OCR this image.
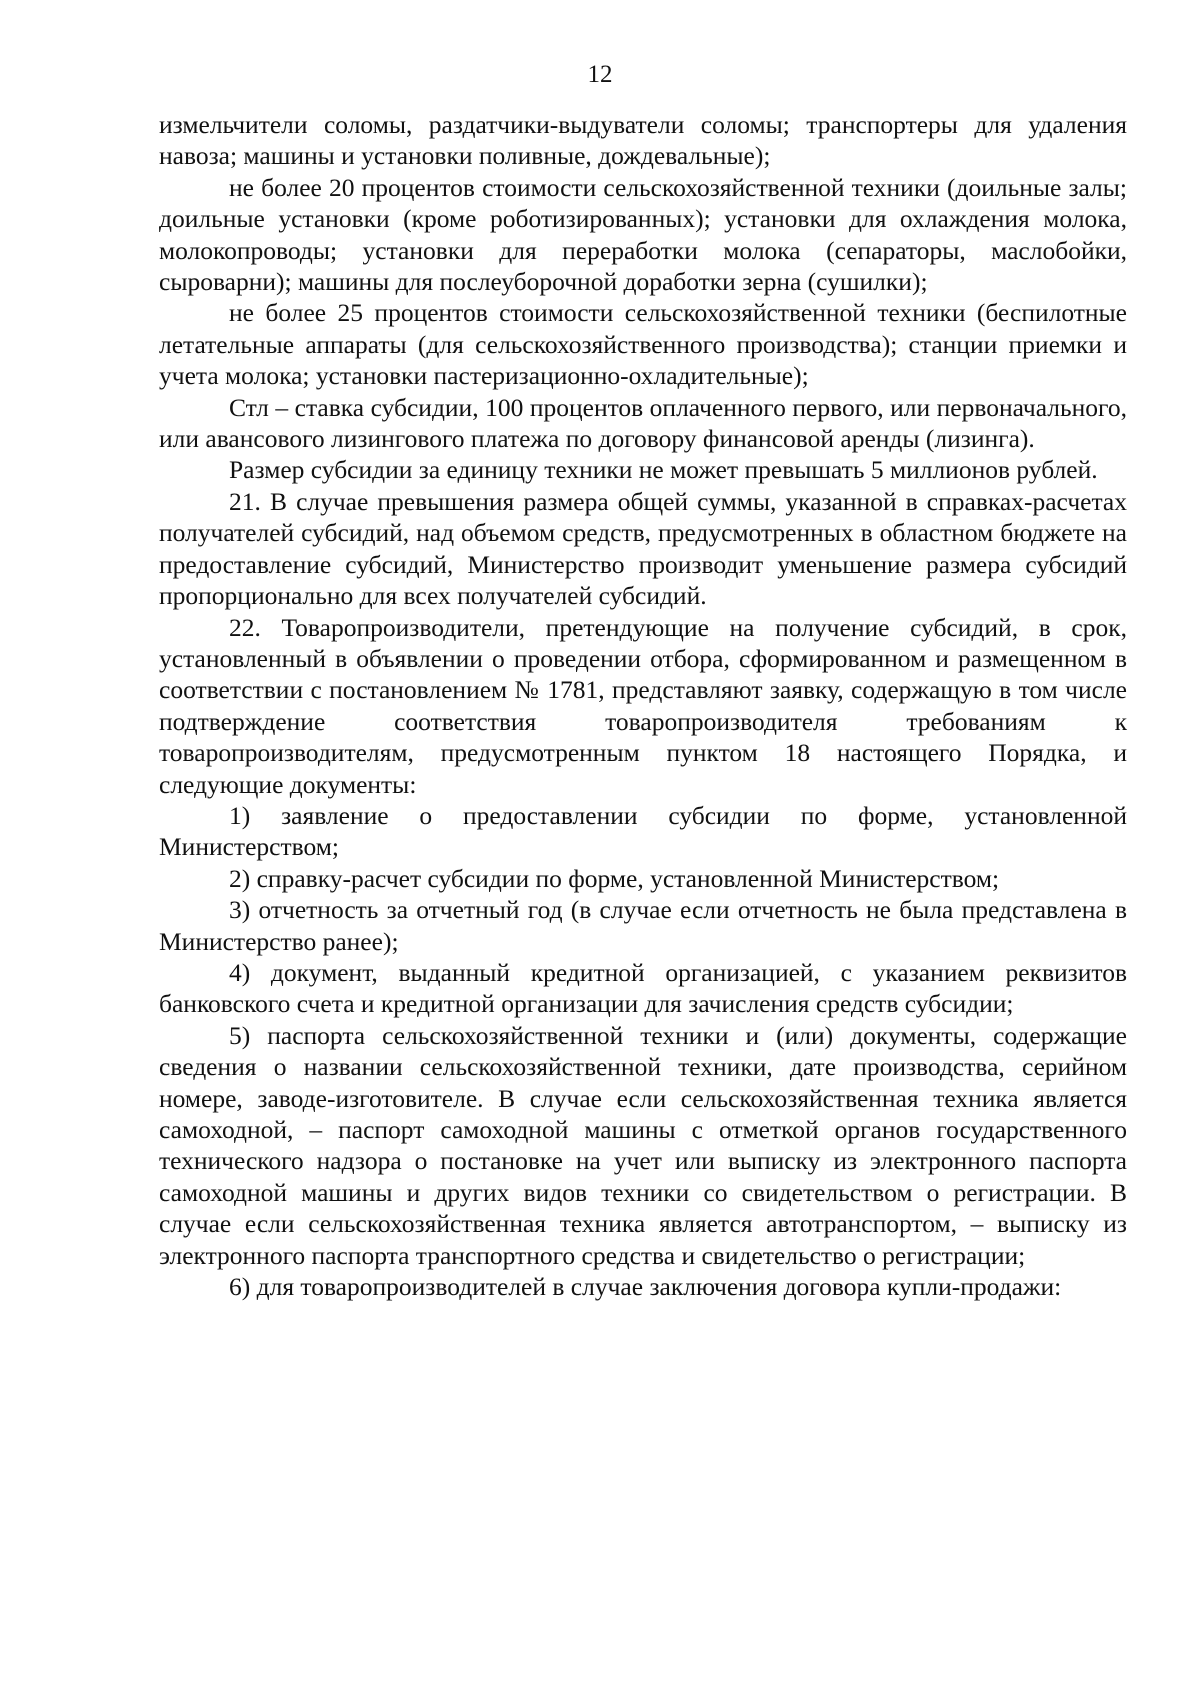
12

измельчители соломы, раздатчики-выдуватели соломы; транспортеры для удаления навоза; машины и установки поливные, дождевальные);

не более 20 процентов стоимости сельскохозяйственной техники (доильные залы; доильные установки (кроме роботизированных); установки для охлаждения молока, молокопроводы; установки для переработки молока (сепараторы, маслобойки, сыроварни); машины для послеуборочной доработки зерна (сушилки);

не более 25 процентов стоимости сельскохозяйственной техники (беспилотные летательные аппараты (для сельскохозяйственного производства); станции приемки и учета молока; установки пастеризационно-охладительные);

Стл – ставка субсидии, 100 процентов оплаченного первого, или первоначального, или авансового лизингового платежа по договору финансовой аренды (лизинга).

Размер субсидии за единицу техники не может превышать 5 миллионов рублей.

21. В случае превышения размера общей суммы, указанной в справках-расчетах получателей субсидий, над объемом средств, предусмотренных в областном бюджете на предоставление субсидий, Министерство производит уменьшение размера субсидий пропорционально для всех получателей субсидий.

22. Товаропроизводители, претендующие на получение субсидий, в срок, установленный в объявлении о проведении отбора, сформированном и размещенном в соответствии с постановлением № 1781, представляют заявку, содержащую в том числе подтверждение соответствия товаропроизводителя требованиям к товаропроизводителям, предусмотренным пунктом 18 настоящего Порядка, и следующие документы:

1) заявление о предоставлении субсидии по форме, установленной Министерством;

2) справку-расчет субсидии по форме, установленной Министерством;

3) отчетность за отчетный год (в случае если отчетность не была представлена в Министерство ранее);

4) документ, выданный кредитной организацией, с указанием реквизитов банковского счета и кредитной организации для зачисления средств субсидии;

5) паспорта сельскохозяйственной техники и (или) документы, содержащие сведения о названии сельскохозяйственной техники, дате производства, серийном номере, заводе-изготовителе. В случае если сельскохозяйственная техника является самоходной, – паспорт самоходной машины с отметкой органов государственного технического надзора о постановке на учет или выписку из электронного паспорта самоходной машины и других видов техники со свидетельством о регистрации. В случае если сельскохозяйственная техника является автотранспортом, – выписку из электронного паспорта транспортного средства и свидетельство о регистрации;

6) для товаропроизводителей в случае заключения договора купли-продажи:
